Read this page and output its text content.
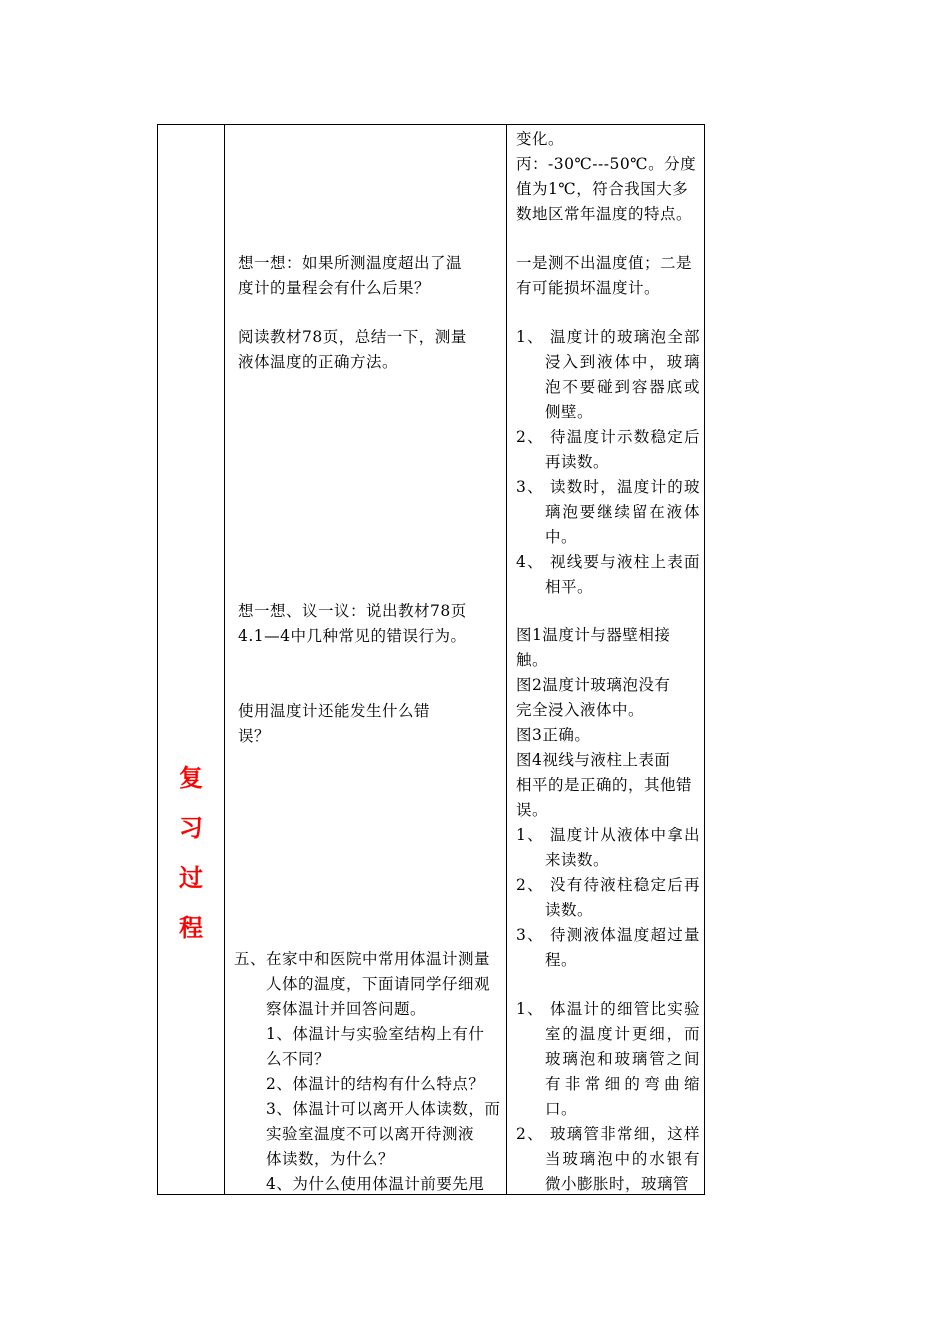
复
习
过
程

想一想：如果所测温度超出了温

度计的量程会有什么后果？

阅读教材78页，总结一下，测量

液体温度的正确方法。

想一想、议一议：说出教材78页

4.1—4中几种常见的错误行为。

使用温度计还能发生什么错

误？

五、在家中和医院中常用体温计测量

人体的温度，下面请同学仔细观

察体温计并回答问题。

1、体温计与实验室结构上有什

么不同？

2、体温计的结构有什么特点？

3、体温计可以离开人体读数，而

实验室温度不可以离开待测液

体读数，为什么？

4、为什么使用体温计前要先甩

变化。

丙：-30℃---50℃。分度

值为1℃，符合我国大多

数地区常年温度的特点。

一是测不出温度值；二是

有可能损坏温度计。

1、 温度计的玻璃泡全部浸入到液体中，玻璃泡不要碰到容器底或侧壁。

2、 待温度计示数稳定后再读数。

3、 读数时，温度计的玻璃泡要继续留在液体中。

4、 视线要与液柱上表面相平。

图1温度计与器壁相接

触。

图2温度计玻璃泡没有

完全浸入液体中。

图3正确。

图4视线与液柱上表面

相平的是正确的，其他错

误。

1、 温度计从液体中拿出来读数。

2、 没有待液柱稳定后再读数。

3、 待测液体温度超过量程。

1、 体温计的细管比实验室的温度计更细，而玻璃泡和玻璃管之间有非常细的弯曲缩口。

2、 玻璃管非常细，这样当玻璃泡中的水银有微小膨胀时，玻璃管
